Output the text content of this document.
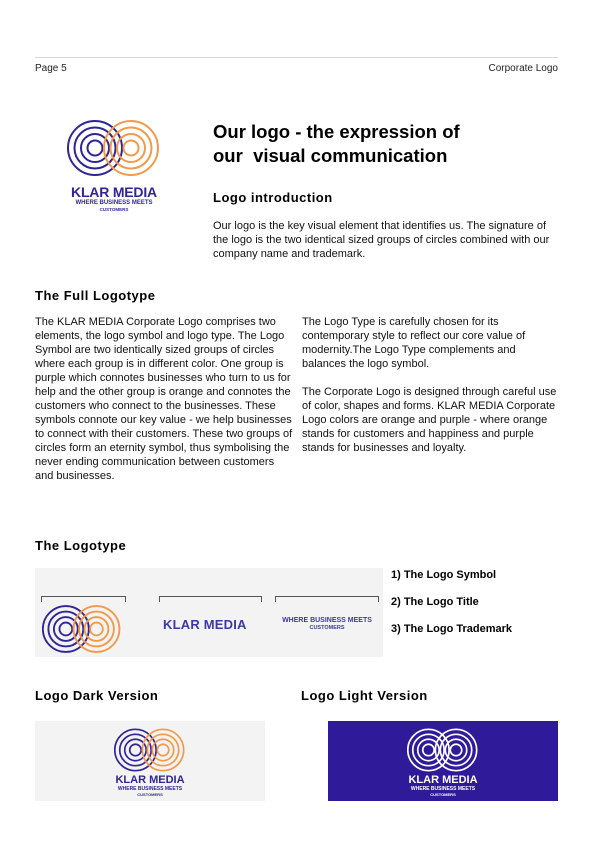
Page 5	Corporate Logo
KLAR MEDIA
WHERE BUSINESS MEETS
CUSTOMERS
Our logo - the expression of
our  visual communication
Logo introduction
Our logo is the key visual element that identifies us. The signature of the logo is the two identical sized groups of circles combined with our company name and trademark.
The Full Logotype
The KLAR MEDIA Corporate Logo comprises two elements, the logo symbol and logo type. The Logo Symbol are two identically sized groups of circles where each group is in different color. One group is purple which connotes businesses who turn to us for help and the other group is orange and connotes the customers who connect to the businesses. These symbols connote our key value - we help businesses to connect with their customers. These two groups of circles form an eternity symbol, thus symbolising the never ending communication between customers and businesses.
The Logo Type is carefully chosen for its contemporary style to reflect our core value of modernity.The Logo Type complements and balances the logo symbol.
The Corporate Logo is designed through careful use of color, shapes and forms. KLAR MEDIA Corporate Logo colors are orange and purple - where orange stands for customers and happiness and purple stands for businesses and loyalty.
The Logotype
KLAR MEDIA	WHERE BUSINESS MEETS
CUSTOMERS
1) The Logo Symbol
2) The Logo Title
3) The Logo Trademark
Logo Dark Version	Logo Light Version
KLAR MEDIA
WHERE BUSINESS MEETS
CUSTOMERS
KLAR MEDIA
WHERE BUSINESS MEETS
CUSTOMERS
